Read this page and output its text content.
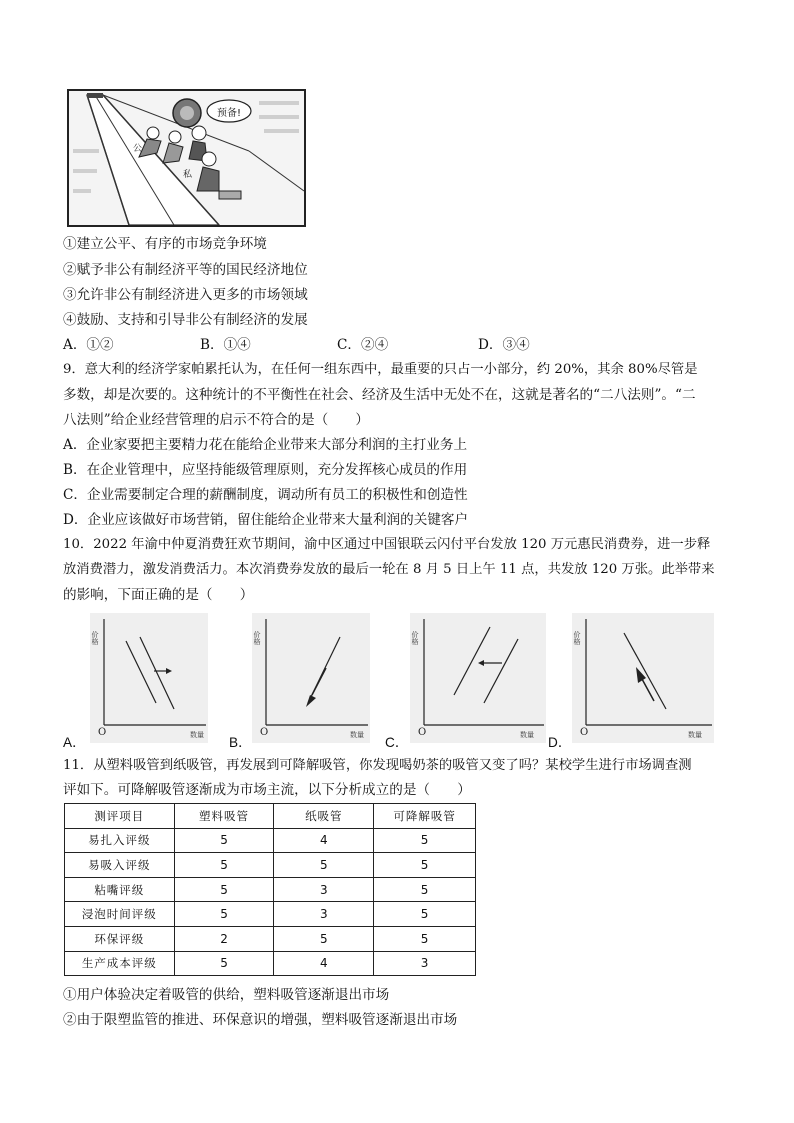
预备!
公
私
①建立公平、有序的市场竞争环境
②赋予非公有制经济平等的国民经济地位
③允许非公有制经济进入更多的市场领域
④鼓励、支持和引导非公有制经济的发展
A．①②	B．①④	C．②④	D．③④
9．意大利的经济学家帕累托认为，在任何一组东西中，最重要的只占一小部分，约 20%，其余 80%尽管是
多数，却是次要的。这种统计的不平衡性在社会、经济及生活中无处不在，这就是著名的“二八法则”。“二
八法则”给企业经营管理的启示不符合的是（　　）
A．企业家要把主要精力花在能给企业带来大部分利润的主打业务上
B．在企业管理中，应坚持能级管理原则，充分发挥核心成员的作用
C．企业需要制定合理的薪酬制度，调动所有员工的积极性和创造性
D．企业应该做好市场营销，留住能给企业带来大量利润的关键客户
10．2022 年渝中仲夏消费狂欢节期间，渝中区通过中国银联云闪付平台发放 120 万元惠民消费券，进一步释
放消费潜力，激发消费活力。本次消费券发放的最后一轮在 8 月 5 日上午 11 点，共发放 120 万张。此举带来
的影响，下面正确的是（　　）
价格
O	数量
A．
价格
O	数量
B．
价格
O	数量
C．
价格
O	数量
D．
11．从塑料吸管到纸吸管，再发展到可降解吸管，你发现喝奶茶的吸管又变了吗？某校学生进行市场调查测
评如下。可降解吸管逐渐成为市场主流，以下分析成立的是（　　）
测评项目	塑料吸管	纸吸管	可降解吸管
易扎入评级	5	4	5
易吸入评级	5	5	5
粘嘴评级	5	3	5
浸泡时间评级	5	3	5
环保评级	2	5	5
生产成本评级	5	4	3
①用户体验决定着吸管的供给，塑料吸管逐渐退出市场
②由于限塑监管的推进、环保意识的增强，塑料吸管逐渐退出市场
